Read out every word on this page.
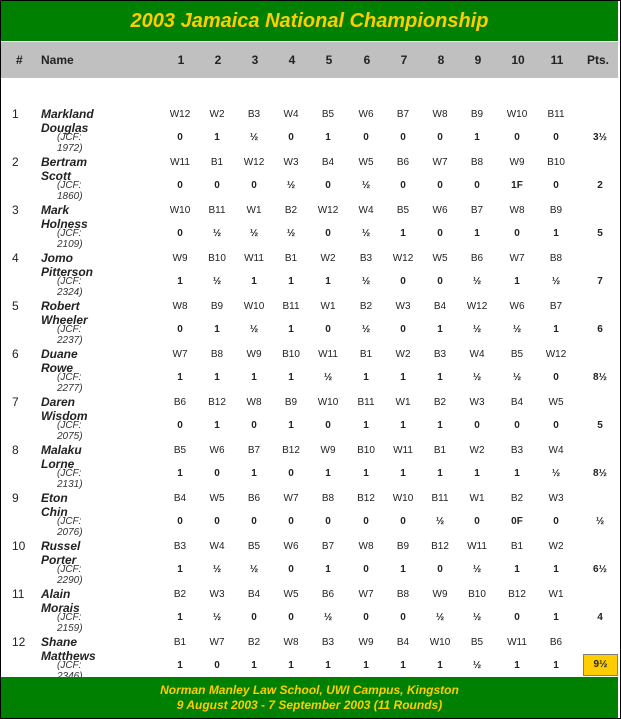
2003 Jamaica National Championship
# Name	1	2	3	4	5	6	7	8	9	10	11	Pts.
1 Markland Douglas
(JCF: 1972)
W12	W2	B3	W4	B5	W6	B7	W8	B9	W10	B11
0	1	½	0	1	0	0	0	1	0	0	3½
2 Bertram Scott
(JCF: 1860)
W11	B1	W12	W3	B4	W5	B6	W7	B8	W9	B10
0	0	0	½	0	½	0	0	0	1F	0	2
3 Mark Holness
(JCF: 2109)
W10	B11	W1	B2	W12	W4	B5	W6	B7	W8	B9
0	½	½	½	0	½	1	0	1	0	1	5
4 Jomo Pitterson
(JCF: 2324)
W9	B10	W11	B1	W2	B3	W12	W5	B6	W7	B8
1	½	1	1	1	½	0	0	½	1	½	7
5 Robert Wheeler
(JCF: 2237)
W8	B9	W10	B11	W1	B2	W3	B4	W12	W6	B7
0	1	½	1	0	½	0	1	½	½	1	6
6 Duane Rowe
(JCF: 2277)
W7	B8	W9	B10	W11	B1	W2	B3	W4	B5	W12
1	1	1	1	½	1	1	1	½	½	0	8½
7 Daren Wisdom
(JCF: 2075)
B6	B12	W8	B9	W10	B11	W1	B2	W3	B4	W5
0	1	0	1	0	1	1	1	0	0	0	5
8 Malaku Lorne
(JCF: 2131)
B5	W6	B7	B12	W9	B10	W11	B1	W2	B3	W4
1	0	1	0	1	1	1	1	1	1	½	8½
9 Eton Chin
(JCF: 2076)
B4	W5	B6	W7	B8	B12	W10	B11	W1	B2	W3
0	0	0	0	0	0	0	½	0	0F	0	½
10 Russel Porter
(JCF: 2290)
B3	W4	B5	W6	B7	W8	B9	B12	W11	B1	W2
1	½	½	0	1	0	1	0	½	1	1	6½
11 Alain Morais
(JCF: 2159)
B2	W3	B4	W5	B6	W7	B8	W9	B10	B12	W1
1	½	0	0	½	0	0	½	½	0	1	4
12 Shane Matthews
(JCF:
B1	W7	B2	W8	B3	W9	B4	W10	B5	W11	B6
1	0	1	1	1	1	1	1	½	1	1	9½
Norman Manley Law School, UWI Campus, Kingston
9 August 2003 - 7 September 2003 (11 Rounds)
